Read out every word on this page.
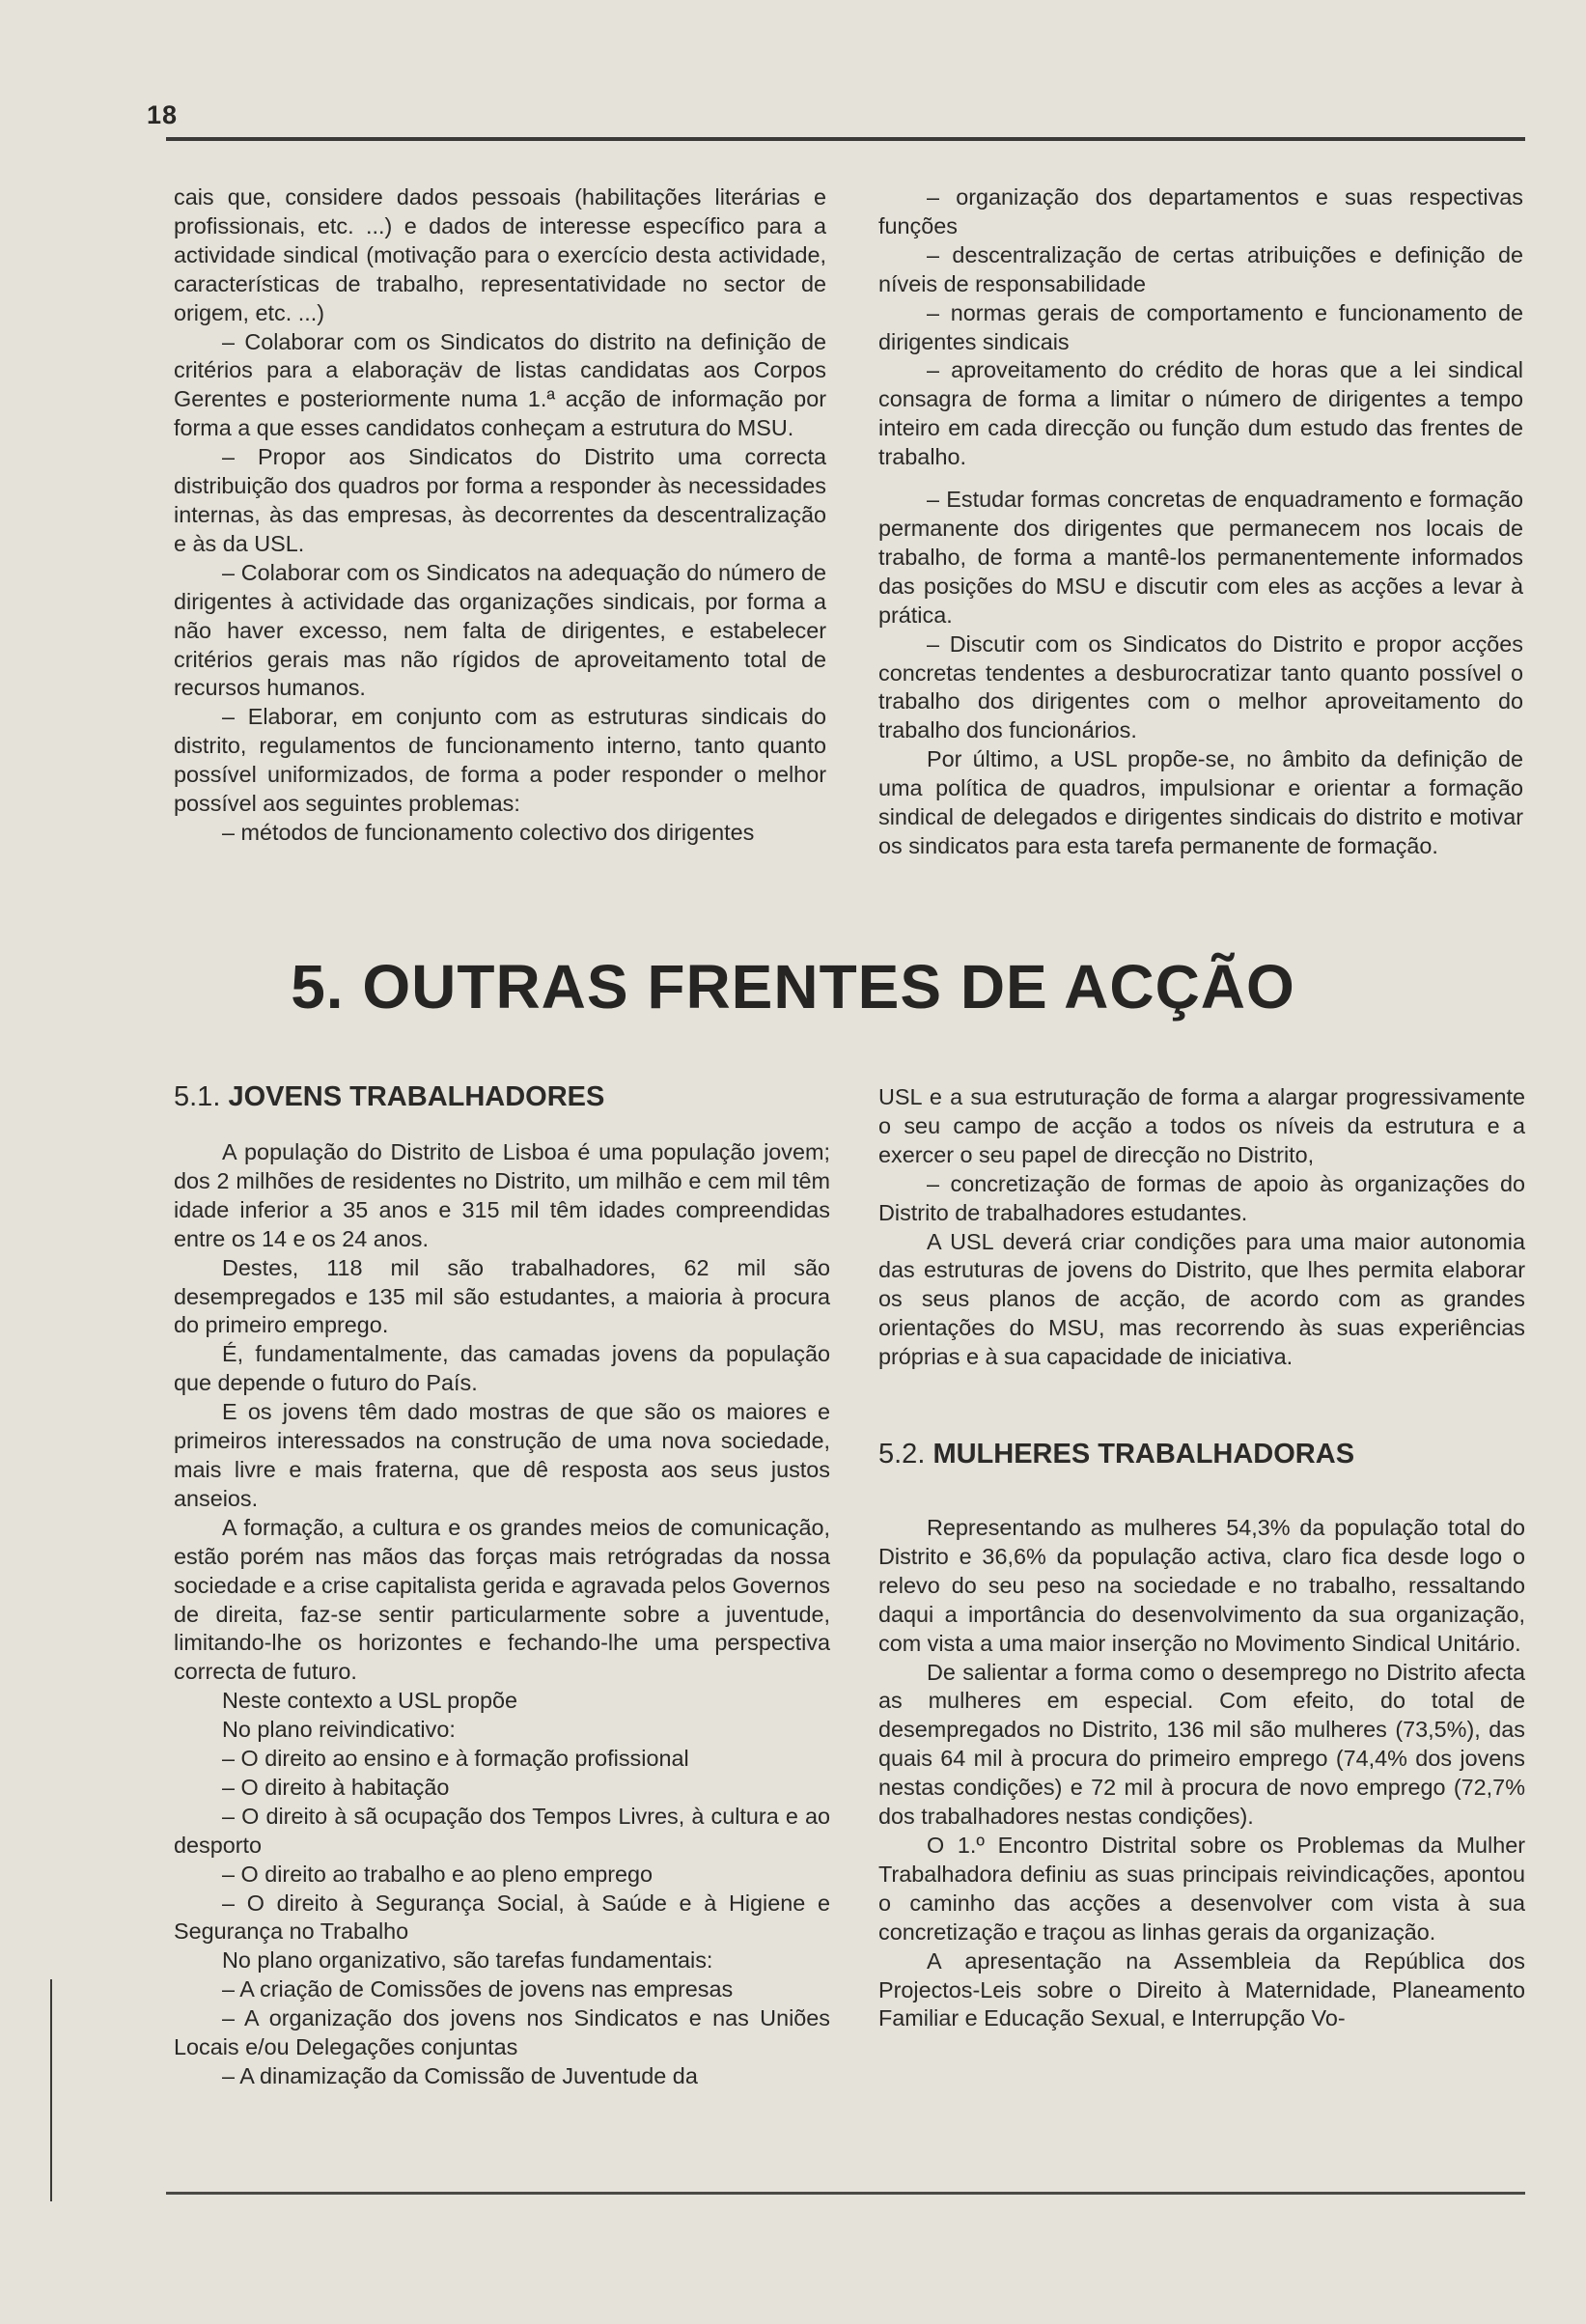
18

cais que, considere dados pessoais (habilitações literárias e profissionais, etc. ...) e dados de interesse específico para a actividade sindical (motivação para o exercício desta actividade, características de trabalho, representatividade no sector de origem, etc. ...)

– Colaborar com os Sindicatos do distrito na definição de critérios para a elaboraçäv de listas candidatas aos Corpos Gerentes e posteriormente numa 1.ª acção de informação por forma a que esses candidatos conheçam a estrutura do MSU.

– Propor aos Sindicatos do Distrito uma correcta distribuição dos quadros por forma a responder às necessidades internas, às das empresas, às decorrentes da descentralização e às da USL.

– Colaborar com os Sindicatos na adequação do número de dirigentes à actividade das organizações sindicais, por forma a não haver excesso, nem falta de dirigentes, e estabelecer critérios gerais mas não rígidos de aproveitamento total de recursos humanos.

– Elaborar, em conjunto com as estruturas sindicais do distrito, regulamentos de funcionamento interno, tanto quanto possível uniformizados, de forma a poder responder o melhor possível aos seguintes problemas:

– métodos de funcionamento colectivo dos dirigentes

– organização dos departamentos e suas respectivas funções

– descentralização de certas atribuições e definição de níveis de responsabilidade

– normas gerais de comportamento e funcionamento de dirigentes sindicais

– aproveitamento do crédito de horas que a lei sindical consagra de forma a limitar o número de dirigentes a tempo inteiro em cada direcção ou função dum estudo das frentes de trabalho.

– Estudar formas concretas de enquadramento e formação permanente dos dirigentes que permanecem nos locais de trabalho, de forma a mantê-los permanentemente informados das posições do MSU e discutir com eles as acções a levar à prática.

– Discutir com os Sindicatos do Distrito e propor acções concretas tendentes a desburocratizar tanto quanto possível o trabalho dos dirigentes com o melhor aproveitamento do trabalho dos funcionários.

Por último, a USL propõe-se, no âmbito da definição de uma política de quadros, impulsionar e orientar a formação sindical de delegados e dirigentes sindicais do distrito e motivar os sindicatos para esta tarefa permanente de formação.

5. OUTRAS FRENTES DE ACÇÃO
5.1. JOVENS TRABALHADORES

A população do Distrito de Lisboa é uma população jovem; dos 2 milhões de residentes no Distrito, um milhão e cem mil têm idade inferior a 35 anos e 315 mil têm idades compreendidas entre os 14 e os 24 anos.

Destes, 118 mil são trabalhadores, 62 mil são desempregados e 135 mil são estudantes, a maioria à procura do primeiro emprego.

É, fundamentalmente, das camadas jovens da população que depende o futuro do País.

E os jovens têm dado mostras de que são os maiores e primeiros interessados na construção de uma nova sociedade, mais livre e mais fraterna, que dê resposta aos seus justos anseios.

A formação, a cultura e os grandes meios de comunicação, estão porém nas mãos das forças mais retrógradas da nossa sociedade e a crise capitalista gerida e agravada pelos Governos de direita, faz-se sentir particularmente sobre a juventude, limitando-lhe os horizontes e fechando-lhe uma perspectiva correcta de futuro.

Neste contexto a USL propõe

No plano reivindicativo:

– O direito ao ensino e à formação profissional

– O direito à habitação

– O direito à sã ocupação dos Tempos Livres, à cultura e ao desporto

– O direito ao trabalho e ao pleno emprego

– O direito à Segurança Social, à Saúde e à Higiene e Segurança no Trabalho

No plano organizativo, são tarefas fundamentais:

– A criação de Comissões de jovens nas empresas

– A organização dos jovens nos Sindicatos e nas Uniões Locais e/ou Delegações conjuntas

– A dinamização da Comissão de Juventude da

USL e a sua estruturação de forma a alargar progressivamente o seu campo de acção a todos os níveis da estrutura e a exercer o seu papel de direcção no Distrito,

– concretização de formas de apoio às organizações do Distrito de trabalhadores estudantes.

A USL deverá criar condições para uma maior autonomia das estruturas de jovens do Distrito, que lhes permita elaborar os seus planos de acção, de acordo com as grandes orientações do MSU, mas recorrendo às suas experiências próprias e à sua capacidade de iniciativa.

5.2. MULHERES TRABALHADORAS

Representando as mulheres 54,3% da população total do Distrito e 36,6% da população activa, claro fica desde logo o relevo do seu peso na sociedade e no trabalho, ressaltando daqui a importância do desenvolvimento da sua organização, com vista a uma maior inserção no Movimento Sindical Unitário.

De salientar a forma como o desemprego no Distrito afecta as mulheres em especial. Com efeito, do total de desempregados no Distrito, 136 mil são mulheres (73,5%), das quais 64 mil à procura do primeiro emprego (74,4% dos jovens nestas condições) e 72 mil à procura de novo emprego (72,7% dos trabalhadores nestas condições).

O 1.º Encontro Distrital sobre os Problemas da Mulher Trabalhadora definiu as suas principais reivindicações, apontou o caminho das acções a desenvolver com vista à sua concretização e traçou as linhas gerais da organização.

A apresentação na Assembleia da República dos Projectos-Leis sobre o Direito à Maternidade, Planeamento Familiar e Educação Sexual, e Interrupção Vo-
